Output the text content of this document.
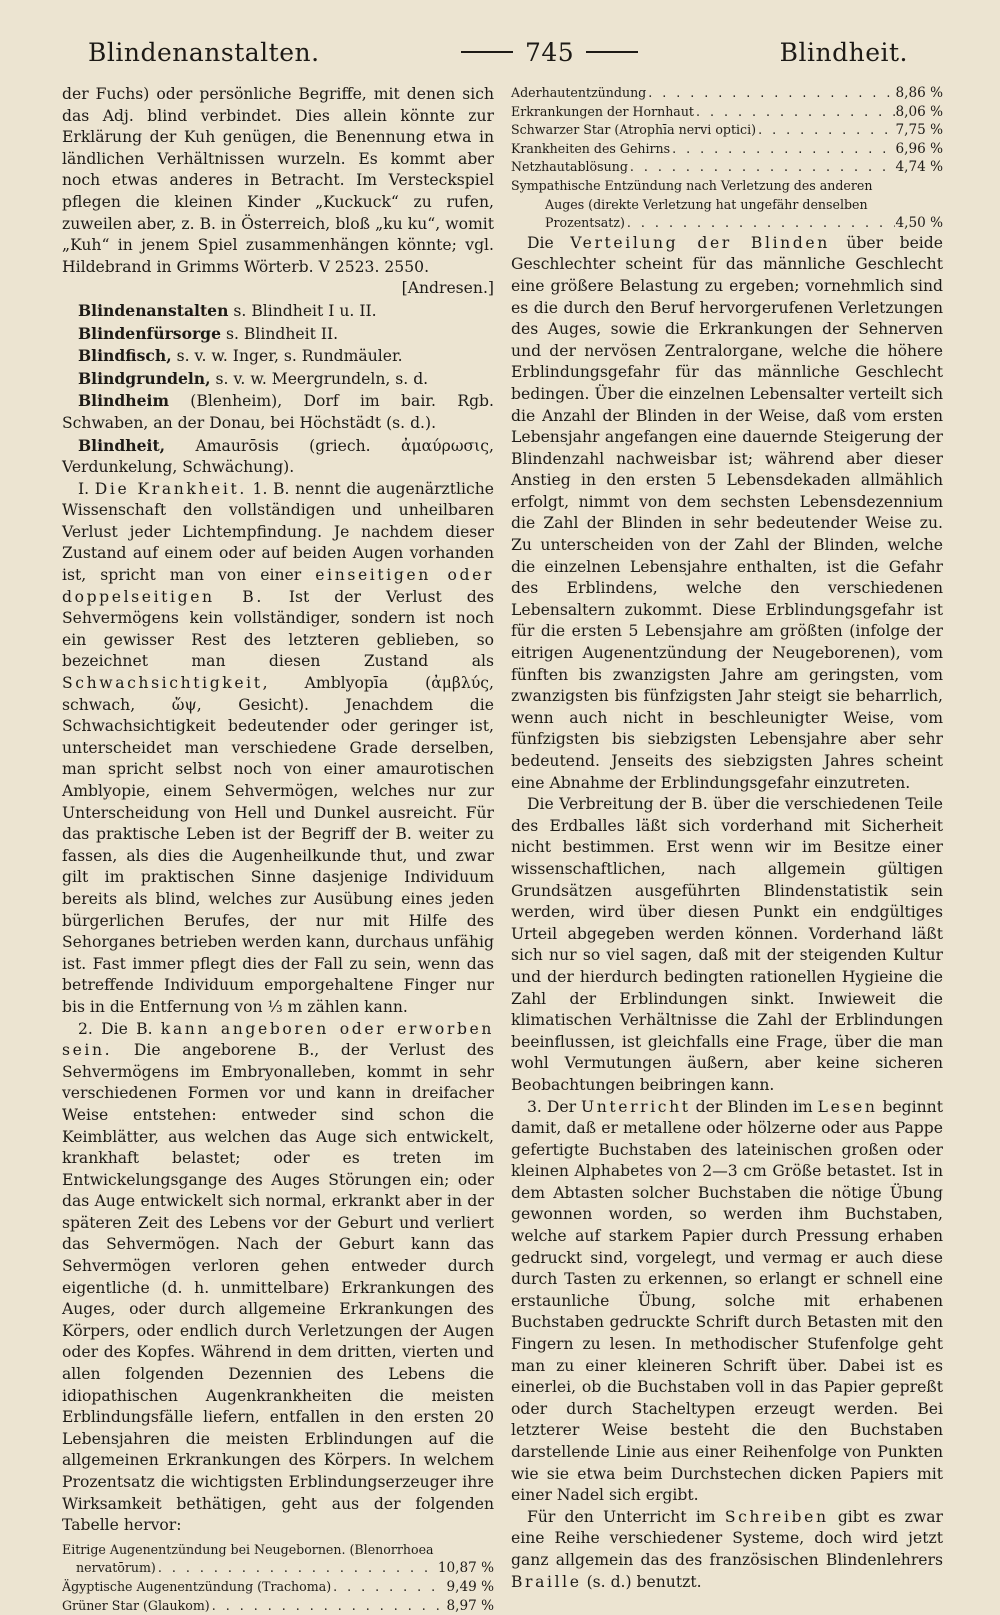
Blindenanstalten.	745	Blindheit.

der Fuchs) oder persönliche Begriffe, mit denen sich das Adj. blind verbindet. Dies allein könnte zur Erklärung der Kuh genügen, die Benennung etwa in ländlichen Verhältnissen wurzeln. Es kommt aber noch etwas anderes in Betracht. Im Versteckspiel pflegen die kleinen Kinder „Kuckuck“ zu rufen, zuweilen aber, z. B. in Österreich, bloß „ku ku“, womit „Kuh“ in jenem Spiel zusammenhängen könnte; vgl. Hildebrand in Grimms Wörterb. V 2523. 2550.

[Andresen.]

Blindenanstalten s. Blindheit I u. II.

Blindenfürsorge s. Blindheit II.

Blindfisch, s. v. w. Inger, s. Rundmäuler.

Blindgrundeln, s. v. w. Meergrundeln, s. d.

Blindheim (Blenheim), Dorf im bair. Rgb. Schwaben, an der Donau, bei Höchstädt (s. d.).

Blindheit, Amaurōsis (griech. ἀμαύρωσις, Verdunkelung, Schwächung).

I. Die Krankheit. 1. B. nennt die augenärztliche Wissenschaft den vollständigen und unheilbaren Verlust jeder Lichtempfindung. Je nachdem dieser Zustand auf einem oder auf beiden Augen vorhanden ist, spricht man von einer einseitigen oder doppelseitigen B. Ist der Verlust des Sehvermögens kein vollständiger, sondern ist noch ein gewisser Rest des letzteren geblieben, so bezeichnet man diesen Zustand als Schwachsichtigkeit, Amblyopīa (ἀμβλύς, schwach, ὤψ, Gesicht). Jenachdem die Schwachsichtigkeit bedeutender oder geringer ist, unterscheidet man verschiedene Grade derselben, man spricht selbst noch von einer amaurotischen Amblyopie, einem Sehvermögen, welches nur zur Unterscheidung von Hell und Dunkel ausreicht. Für das praktische Leben ist der Begriff der B. weiter zu fassen, als dies die Augenheilkunde thut, und zwar gilt im praktischen Sinne dasjenige Individuum bereits als blind, welches zur Ausübung eines jeden bürgerlichen Berufes, der nur mit Hilfe des Sehorganes betrieben werden kann, durchaus unfähig ist. Fast immer pflegt dies der Fall zu sein, wenn das betreffende Individuum emporgehaltene Finger nur bis in die Entfernung von ⅓ m zählen kann.

2. Die B. kann angeboren oder erworben sein. Die angeborene B., der Verlust des Sehvermögens im Embryonalleben, kommt in sehr verschiedenen Formen vor und kann in dreifacher Weise entstehen: entweder sind schon die Keimblätter, aus welchen das Auge sich entwickelt, krankhaft belastet; oder es treten im Entwickelungsgange des Auges Störungen ein; oder das Auge entwickelt sich normal, erkrankt aber in der späteren Zeit des Lebens vor der Geburt und verliert das Sehvermögen. Nach der Geburt kann das Sehvermögen verloren gehen entweder durch eigentliche (d. h. unmittelbare) Erkrankungen des Auges, oder durch allgemeine Erkrankungen des Körpers, oder endlich durch Verletzungen der Augen oder des Kopfes. Während in dem dritten, vierten und allen folgenden Dezennien des Lebens die idiopathischen Augenkrankheiten die meisten Erblindungsfälle liefern, entfallen in den ersten 20 Lebensjahren die meisten Erblindungen auf die allgemeinen Erkrankungen des Körpers. In welchem Prozentsatz die wichtigsten Erblindungserzeuger ihre Wirksamkeit bethätigen, geht aus der folgenden Tabelle hervor:

Eitrige Augenentzündung bei Neugebornen. (Blenorrhoea
nervatōrum) . . .	10,87 %
Ägyptische Augenentzündung (Trachoma) . . .	9,49 %
Grüner Star (Glaukom) . . .	8,97 %
Aderhautentzündung . . .	8,86 %
Erkrankungen der Hornhaut . . .	8,06 %
Schwarzer Star (Atrophīa nervi optici) . . .	7,75 %
Krankheiten des Gehirns . . .	6,96 %
Netzhautablösung . . .	4,74 %
Sympathische Entzündung nach Verletzung des anderen
Auges (direkte Verletzung hat ungefähr denselben
Prozentsatz) . . .	4,50 %

Die Verteilung der Blinden über beide Geschlechter scheint für das männliche Geschlecht eine größere Belastung zu ergeben; vornehmlich sind es die durch den Beruf hervorgerufenen Verletzungen des Auges, sowie die Erkrankungen der Sehnerven und der nervösen Zentralorgane, welche die höhere Erblindungsgefahr für das männliche Geschlecht bedingen. Über die einzelnen Lebensalter verteilt sich die Anzahl der Blinden in der Weise, daß vom ersten Lebensjahr angefangen eine dauernde Steigerung der Blindenzahl nachweisbar ist; während aber dieser Anstieg in den ersten 5 Lebensdekaden allmählich erfolgt, nimmt von dem sechsten Lebensdezennium die Zahl der Blinden in sehr bedeutender Weise zu. Zu unterscheiden von der Zahl der Blinden, welche die einzelnen Lebensjahre enthalten, ist die Gefahr des Erblindens, welche den verschiedenen Lebensaltern zukommt. Diese Erblindungsgefahr ist für die ersten 5 Lebensjahre am größten (infolge der eitrigen Augenentzündung der Neugeborenen), vom fünften bis zwanzigsten Jahre am geringsten, vom zwanzigsten bis fünfzigsten Jahr steigt sie beharrlich, wenn auch nicht in beschleunigter Weise, vom fünfzigsten bis siebzigsten Lebensjahre aber sehr bedeutend. Jenseits des siebzigsten Jahres scheint eine Abnahme der Erblindungsgefahr einzutreten.

Die Verbreitung der B. über die verschiedenen Teile des Erdballes läßt sich vorderhand mit Sicherheit nicht bestimmen. Erst wenn wir im Besitze einer wissenschaftlichen, nach allgemein gültigen Grundsätzen ausgeführten Blindenstatistik sein werden, wird über diesen Punkt ein endgültiges Urteil abgegeben werden können. Vorderhand läßt sich nur so viel sagen, daß mit der steigenden Kultur und der hierdurch bedingten rationellen Hygieine die Zahl der Erblindungen sinkt. Inwieweit die klimatischen Verhältnisse die Zahl der Erblindungen beeinflussen, ist gleichfalls eine Frage, über die man wohl Vermutungen äußern, aber keine sicheren Beobachtungen beibringen kann.

3. Der Unterricht der Blinden im Lesen beginnt damit, daß er metallene oder hölzerne oder aus Pappe gefertigte Buchstaben des lateinischen großen oder kleinen Alphabetes von 2—3 cm Größe betastet. Ist in dem Abtasten solcher Buchstaben die nötige Übung gewonnen worden, so werden ihm Buchstaben, welche auf starkem Papier durch Pressung erhaben gedruckt sind, vorgelegt, und vermag er auch diese durch Tasten zu erkennen, so erlangt er schnell eine erstaunliche Übung, solche mit erhabenen Buchstaben gedruckte Schrift durch Betasten mit den Fingern zu lesen. In methodischer Stufenfolge geht man zu einer kleineren Schrift über. Dabei ist es einerlei, ob die Buchstaben voll in das Papier gepreßt oder durch Stacheltypen erzeugt werden. Bei letzterer Weise besteht die den Buchstaben darstellende Linie aus einer Reihenfolge von Punkten wie sie etwa beim Durchstechen dicken Papiers mit einer Nadel sich ergibt.

Für den Unterricht im Schreiben gibt es zwar eine Reihe verschiedener Systeme, doch wird jetzt ganz allgemein das des französischen Blindenlehrers Braille (s. d.) benutzt.
